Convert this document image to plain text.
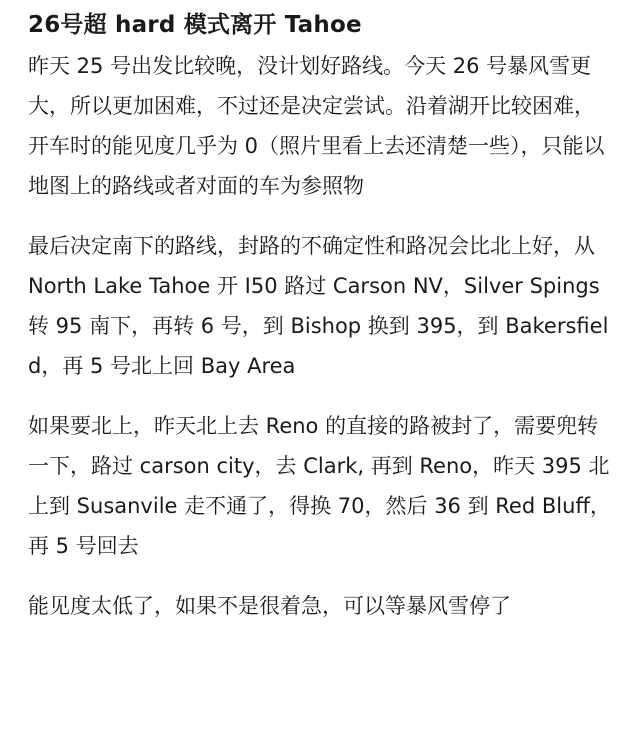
26号超 hard 模式离开 Tahoe

昨天 25 号出发比较晚，没计划好路线。今天 26 号暴风雪更大，所以更加困难，不过还是决定尝试。沿着湖开比较困难，开车时的能见度几乎为 0（照片里看上去还清楚一些），只能以地图上的路线或者对面的车为参照物

最后决定南下的路线，封路的不确定性和路况会比北上好，从 North Lake Tahoe 开 I50 路过 Carson NV，Silver Spings 转 95 南下，再转 6 号，到 Bishop 换到 395，到 Bakersfield，再 5 号北上回 Bay Area

如果要北上，昨天北上去 Reno 的直接的路被封了，需要兜转一下，路过 carson city，去 Clark, 再到 Reno，昨天 395 北上到 Susanvile 走不通了，得换 70，然后 36 到 Red Bluff，再 5 号回去

能见度太低了，如果不是很着急，可以等暴风雪停了
